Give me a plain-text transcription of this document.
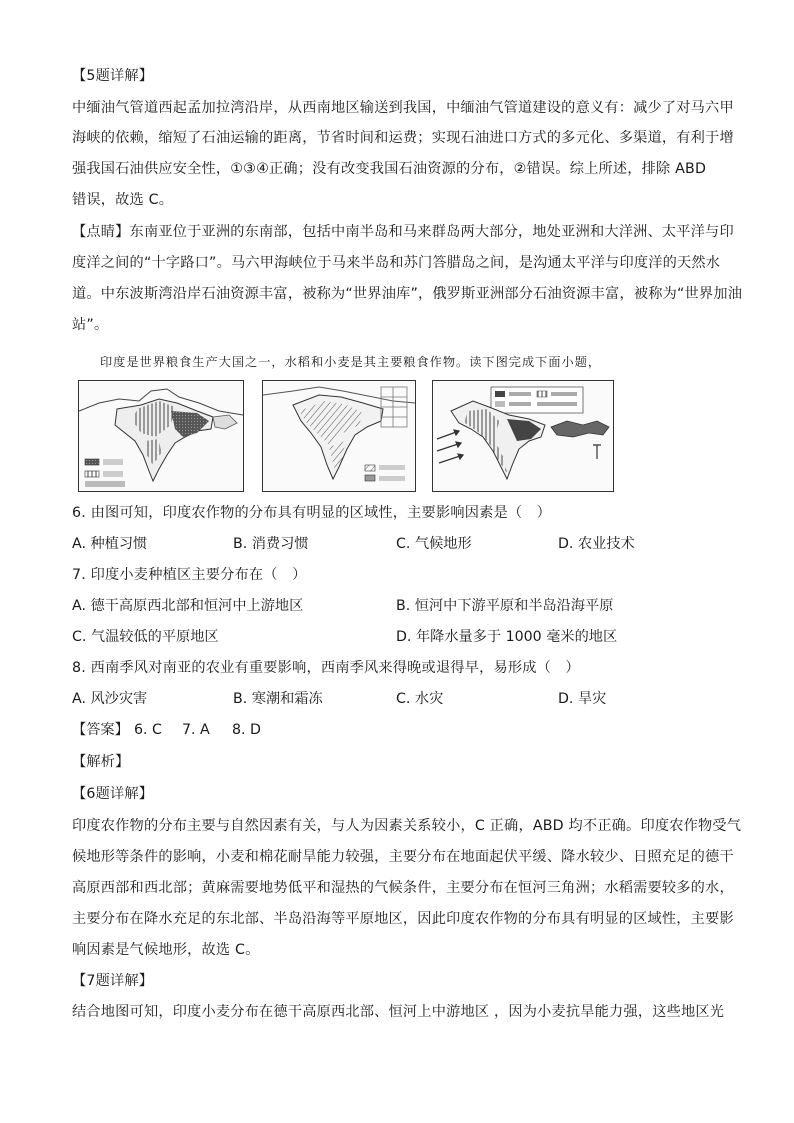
【5题详解】
中缅油气管道西起孟加拉湾沿岸，从西南地区输送到我国，中缅油气管道建设的意义有：减少了对马六甲
海峡的依赖，缩短了石油运输的距离，节省时间和运费；实现石油进口方式的多元化、多渠道，有利于增
强我国石油供应安全性，①③④正确；没有改变我国石油资源的分布，②错误。综上所述，排除 ABD
错误，故选 C。
【点睛】东南亚位于亚洲的东南部，包括中南半岛和马来群岛两大部分，地处亚洲和大洋洲、太平洋与印
度洋之间的“十字路口”。马六甲海峡位于马来半岛和苏门答腊岛之间，是沟通太平洋与印度洋的天然水
道。中东波斯湾沿岸石油资源丰富，被称为“世界油库”，俄罗斯亚洲部分石油资源丰富，被称为“世界加油
站”。
印度是世界粮食生产大国之一，水稻和小麦是其主要粮食作物。读下图完成下面小题，
6. 由图可知，印度农作物的分布具有明显的区域性，主要影响因素是（　）
A. 种植习惯	B. 消费习惯	C. 气候地形	D. 农业技术
7. 印度小麦种植区主要分布在（　）
A. 德干高原西北部和恒河中上游地区	B. 恒河中下游平原和半岛沿海平原
C. 气温较低的平原地区	D. 年降水量多于 1000 毫米的地区
8. 西南季风对南亚的农业有重要影响，西南季风来得晚或退得早，易形成（　）
A. 风沙灾害	B. 寒潮和霜冻	C. 水灾	D. 旱灾
【答案】 6. C 7. A 8. D
【解析】
【6题详解】
印度农作物的分布主要与自然因素有关，与人为因素关系较小，C 正确，ABD 均不正确。印度农作物受气
候地形等条件的影响，小麦和棉花耐旱能力较强，主要分布在地面起伏平缓、降水较少、日照充足的德干
高原西部和西北部；黄麻需要地势低平和湿热的气候条件，主要分布在恒河三角洲；水稻需要较多的水，
主要分布在降水充足的东北部、半岛沿海等平原地区，因此印度农作物的分布具有明显的区域性，主要影
响因素是气候地形，故选 C。
【7题详解】
结合地图可知，印度小麦分布在德干高原西北部、恒河上中游地区 ，因为小麦抗旱能力强，这些地区光
